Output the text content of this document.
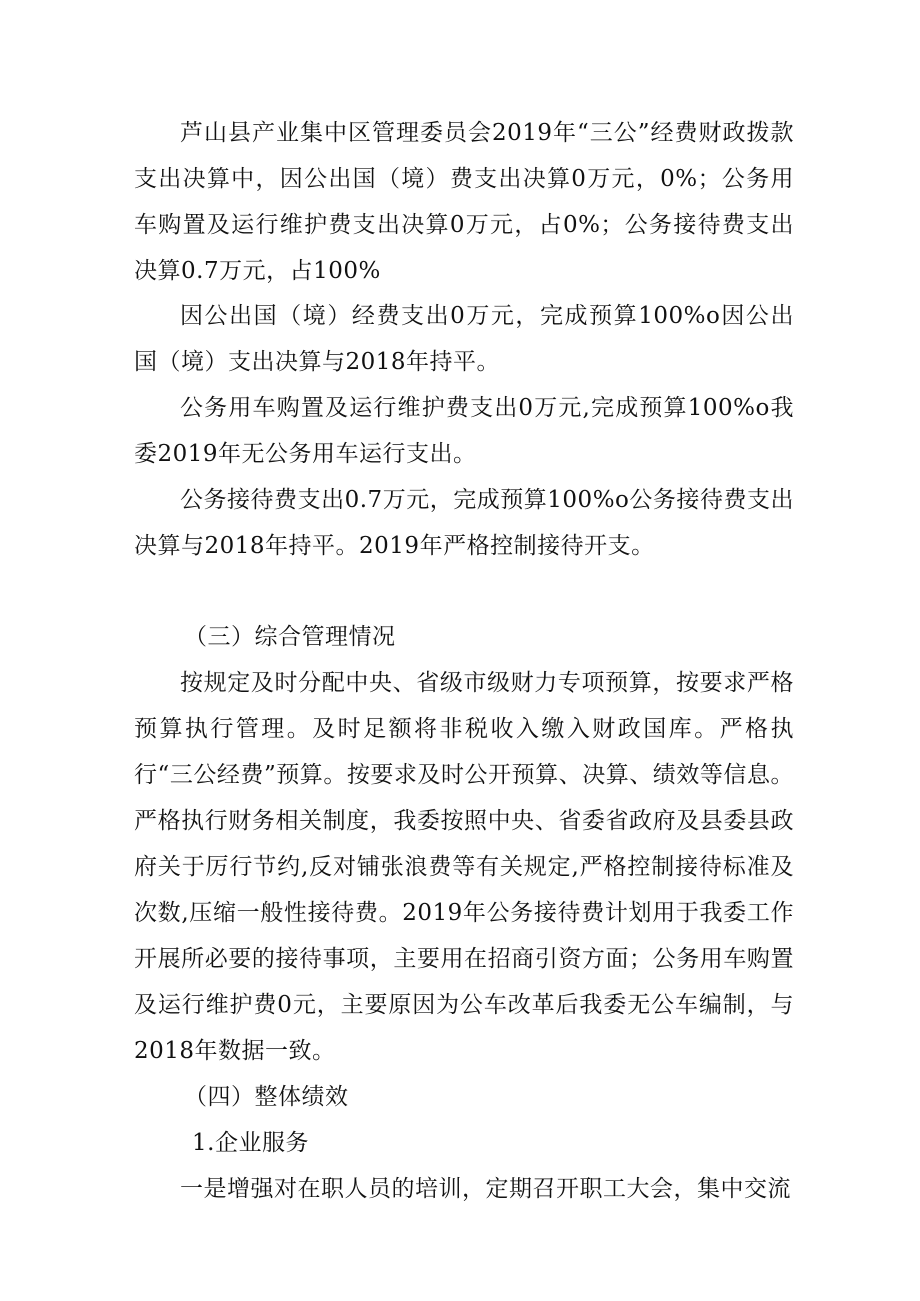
芦山县产业集中区管理委员会2019年“三公”经费财政拨款支出决算中，因公出国（境）费支出决算0万元，0%；公务用车购置及运行维护费支出决算0万元，占0%；公务接待费支出决算0.7万元，占100%

因公出国（境）经费支出0万元，完成预算100%o因公出国（境）支出决算与2018年持平。

公务用车购置及运行维护费支出0万元,完成预算100%o我委2019年无公务用车运行支出。

公务接待费支出0.7万元，完成预算100%o公务接待费支出决算与2018年持平。2019年严格控制接待开支。

（三）综合管理情况

按规定及时分配中央、省级市级财力专项预算，按要求严格预算执行管理。及时足额将非税收入缴入财政国库。严格执行“三公经费”预算。按要求及时公开预算、决算、绩效等信息。严格执行财务相关制度，我委按照中央、省委省政府及县委县政府关于厉行节约,反对铺张浪费等有关规定,严格控制接待标准及次数,压缩一般性接待费。2019年公务接待费计划用于我委工作开展所必要的接待事项，主要用在招商引资方面；公务用车购置及运行维护费0元，主要原因为公车改革后我委无公车编制，与2018年数据一致。

（四）整体绩效

1.企业服务

一是增强对在职人员的培训，定期召开职工大会，集中交流
